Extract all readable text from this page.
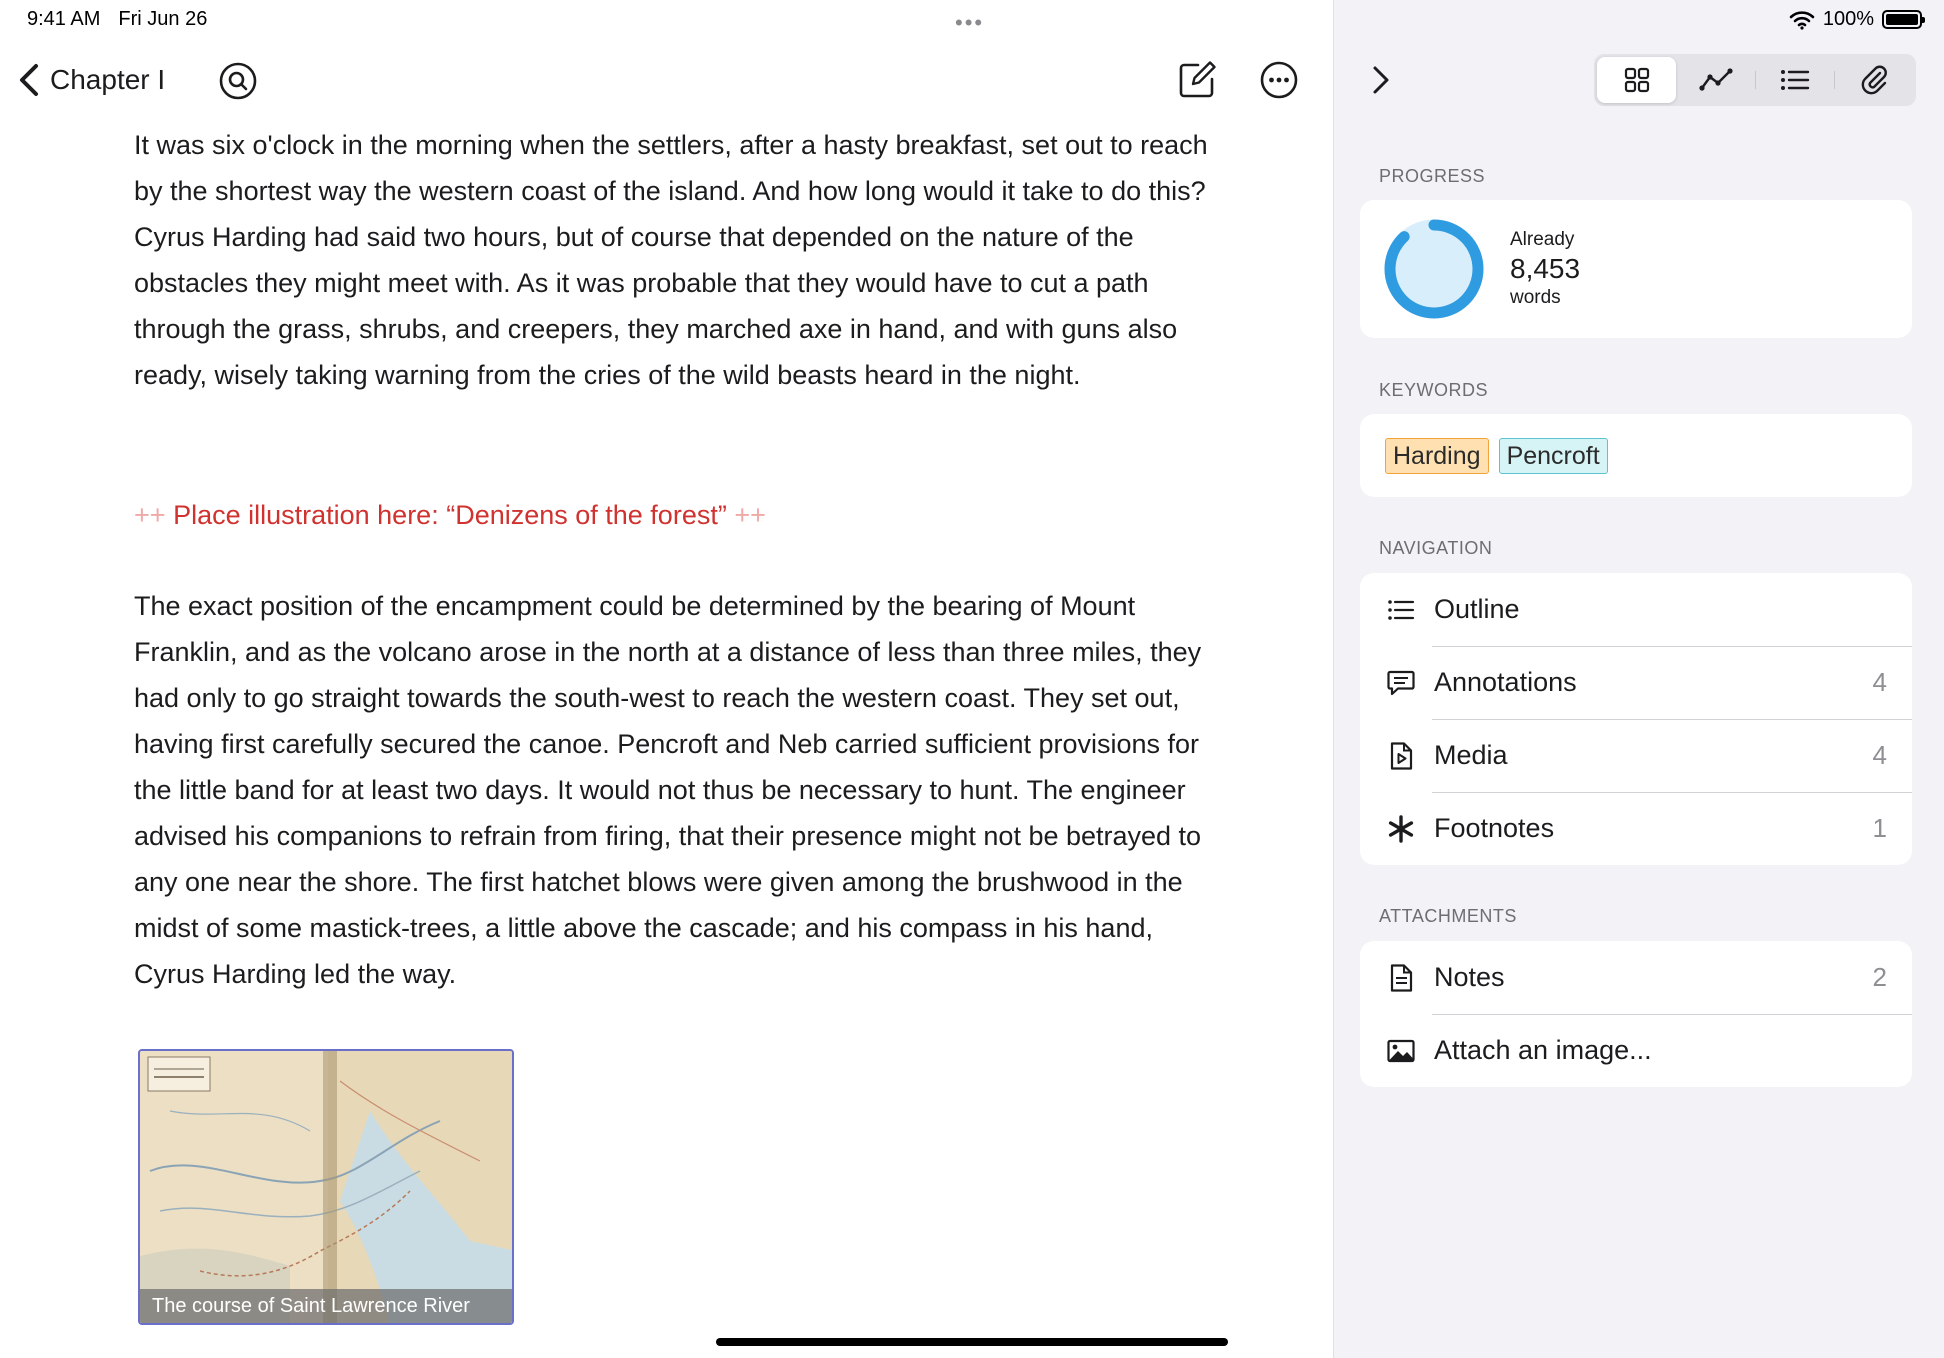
9:41 AM Fri Jun 26	•••
Chapter I

It was six o'clock in the morning when the settlers, after a hasty breakfast, set out to reach by the shortest way the western coast of the island. And how long would it take to do this? Cyrus Harding had said two hours, but of course that depended on the nature of the obstacles they might meet with. As it was probable that they would have to cut a path through the grass, shrubs, and creepers, they marched axe in hand, and with guns also ready, wisely taking warning from the cries of the wild beasts heard in the night.

++ Place illustration here: “Denizens of the forest” ++

The exact position of the encampment could be determined by the bearing of Mount Franklin, and as the volcano arose in the north at a distance of less than three miles, they had only to go straight towards the south-west to reach the western coast. They set out, having first carefully secured the canoe. Pencroft and Neb carried sufficient provisions for the little band for at least two days. It would not thus be necessary to hunt. The engineer advised his companions to refrain from firing, that their presence might not be betrayed to any one near the shore. The first hatchet blows were given among the brushwood in the midst of some mastick-trees, a little above the cascade; and his compass in his hand, Cyrus Harding led the way.

The course of Saint Lawrence River
100%
PROGRESS
Already
8,453
words
KEYWORDS
Harding	Pencroft
NAVIGATION
Outline
Annotations	4
Media	4
Footnotes	1
ATTACHMENTS
Notes	2
Attach an image...
